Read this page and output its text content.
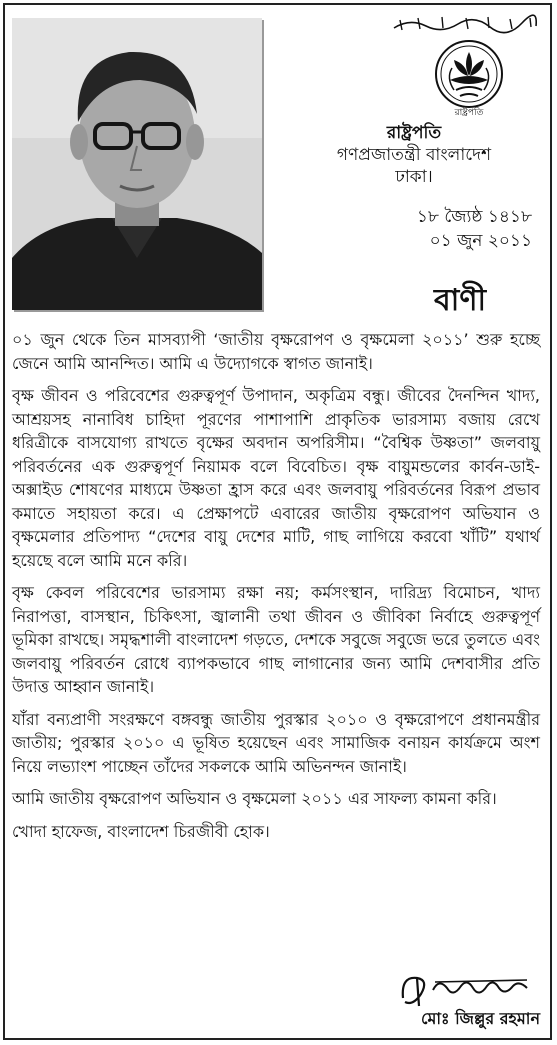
রাষ্ট্রপতি
রাষ্ট্রপতি
গণপ্রজাতন্ত্রী বাংলাদেশ
ঢাকা।
১৮ জ্যৈষ্ঠ ১৪১৮
০১ জুন ২০১১
বাণী

০১ জুন থেকে তিন মাসব্যাপী ‘জাতীয় বৃক্ষরোপণ ও বৃক্ষমেলা ২০১১’ শুরু হচ্ছে জেনে আমি আনন্দিত। আমি এ উদ্যোগকে স্বাগত জানাই।

বৃক্ষ জীবন ও পরিবেশের গুরুত্বপূর্ণ উপাদান, অকৃত্রিম বন্ধু। জীবের দৈনন্দিন খাদ্য, আশ্রয়সহ নানাবিধ চাহিদা পূরণের পাশাপাশি প্রাকৃতিক ভারসাম্য বজায় রেখে ধরিত্রীকে বাসযোগ্য রাখতে বৃক্ষের অবদান অপরিসীম। “বৈশ্বিক উষ্ণতা” জলবায়ু পরিবর্তনের এক গুরুত্বপূর্ণ নিয়ামক বলে বিবেচিত। বৃক্ষ বায়ুমন্ডলের কার্বন-ডাই-অক্সাইড শোষণের মাধ্যমে উষ্ণতা হ্রাস করে এবং জলবায়ু পরিবর্তনের বিরূপ প্রভাব কমাতে সহায়তা করে। এ প্রেক্ষাপটে এবারের জাতীয় বৃক্ষরোপণ অভিযান ও বৃক্ষমেলার প্রতিপাদ্য “দেশের বায়ু দেশের মাটি, গাছ লাগিয়ে করবো খাঁটি” যথার্থ হয়েছে বলে আমি মনে করি।

বৃক্ষ কেবল পরিবেশের ভারসাম্য রক্ষা নয়; কর্মসংস্থান, দারিদ্র্য বিমোচন, খাদ্য নিরাপত্তা, বাসস্থান, চিকিৎসা, জ্বালানী তথা জীবন ও জীবিকা নির্বাহে গুরুত্বপূর্ণ ভূমিকা রাখছে। সমৃদ্ধশালী বাংলাদেশ গড়তে, দেশকে সবুজে সবুজে ভরে তুলতে এবং জলবায়ু পরিবর্তন রোধে ব্যাপকভাবে গাছ লাগানোর জন্য আমি দেশবাসীর প্রতি উদাত্ত আহ্বান জানাই।

যাঁরা বন্যপ্রাণী সংরক্ষণে বঙ্গবন্ধু জাতীয় পুরস্কার ২০১০ ও বৃক্ষরোপণে প্রধানমন্ত্রীর জাতীয়; পুরস্কার ২০১০ এ ভূষিত হয়েছেন এবং সামাজিক বনায়ন কার্যক্রমে অংশ নিয়ে লভ্যাংশ পাচ্ছেন তাঁদের সকলকে আমি অভিনন্দন জানাই।

আমি জাতীয় বৃক্ষরোপণ অভিযান ও বৃক্ষমেলা ২০১১ এর সাফল্য কামনা করি।

খোদা হাফেজ, বাংলাদেশ চিরজীবী হোক।

মোঃ জিল্লুর রহমান
